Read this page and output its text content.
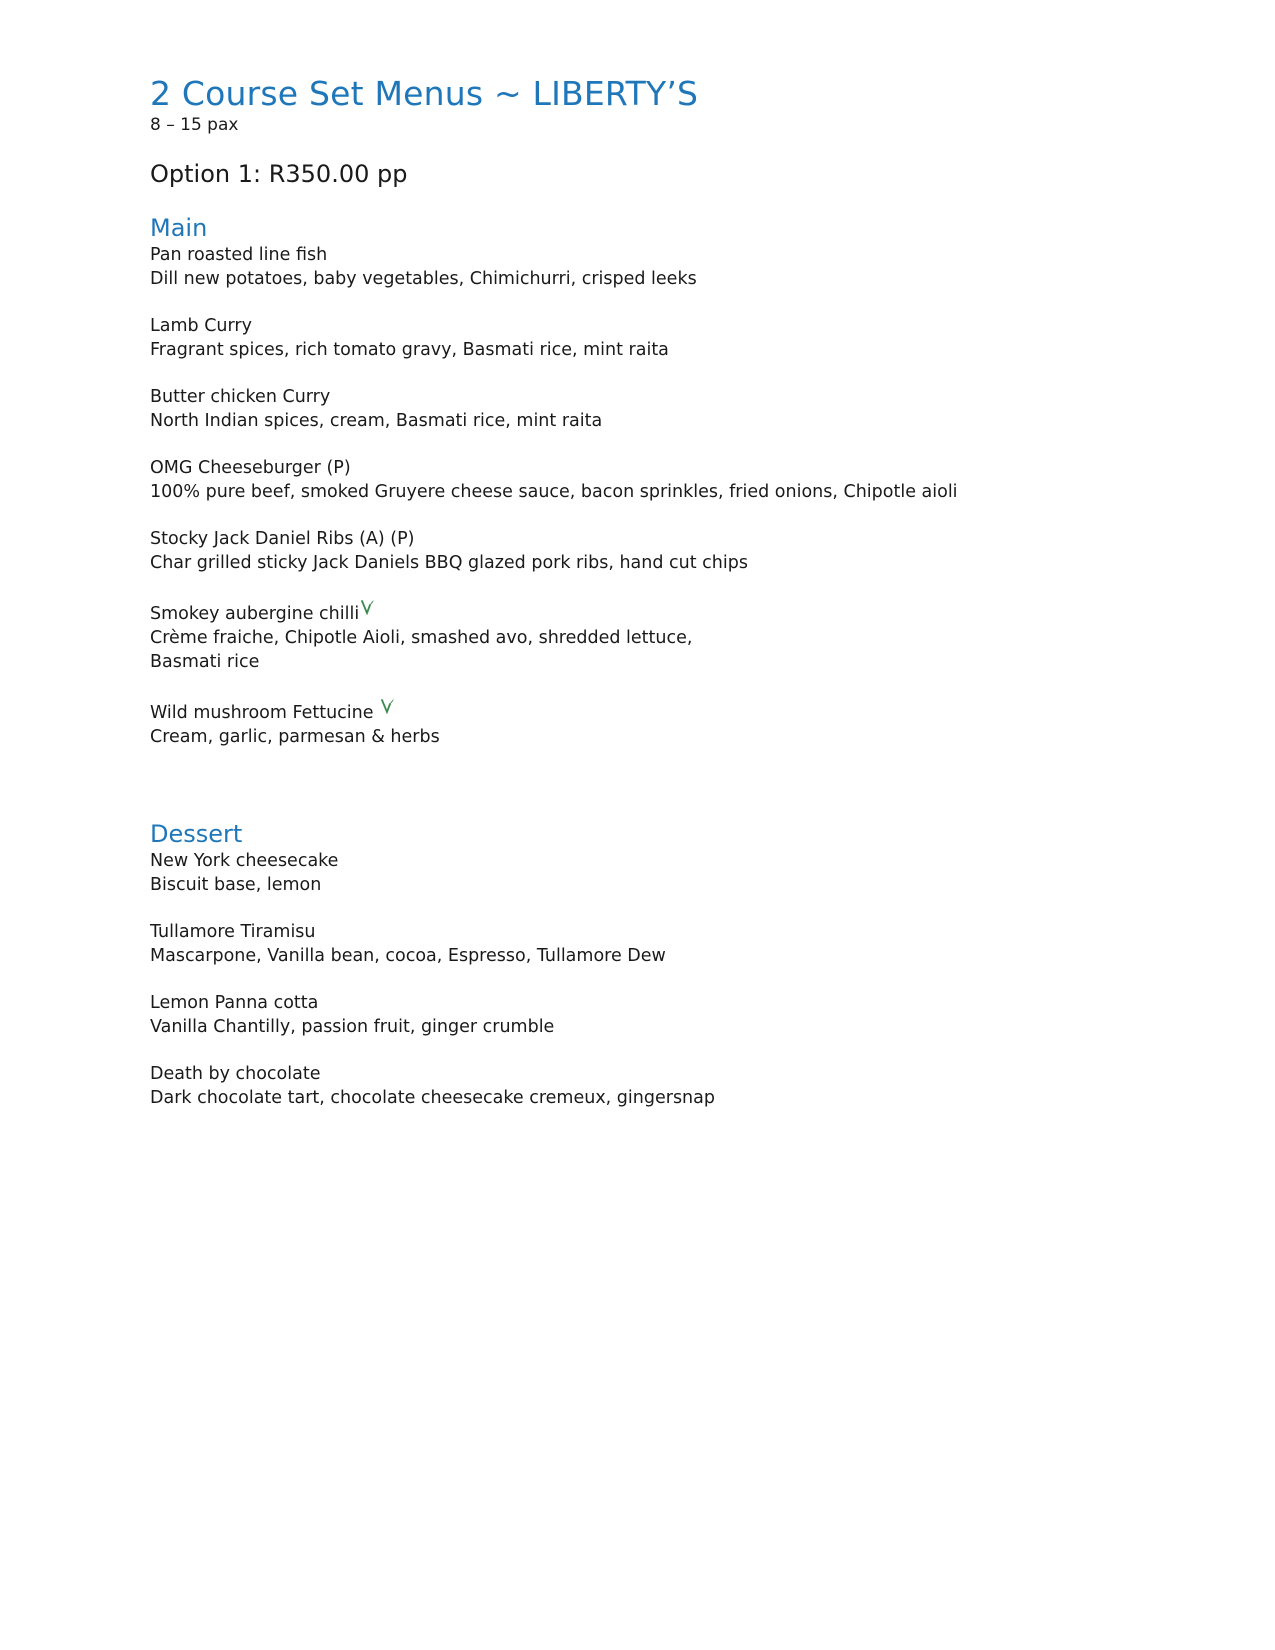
2 Course Set Menus ~ LIBERTY’S
8 – 15 pax
Option 1: R350.00 pp
Main
Pan roasted line fish
Dill new potatoes, baby vegetables, Chimichurri, crisped leeks
Lamb Curry
Fragrant spices, rich tomato gravy, Basmati rice, mint raita
Butter chicken Curry
North Indian spices, cream, Basmati rice, mint raita
OMG Cheeseburger (P)
100% pure beef, smoked Gruyere cheese sauce, bacon sprinkles, fried onions, Chipotle aioli
Stocky Jack Daniel Ribs (A) (P)
Char grilled sticky Jack Daniels BBQ glazed pork ribs, hand cut chips
Smokey aubergine chilli
Crème fraiche, Chipotle Aioli, smashed avo, shredded lettuce,
Basmati rice
Wild mushroom Fettucine
Cream, garlic, parmesan & herbs
Dessert
New York cheesecake
Biscuit base, lemon
Tullamore Tiramisu
Mascarpone, Vanilla bean, cocoa, Espresso, Tullamore Dew
Lemon Panna cotta
Vanilla Chantilly, passion fruit, ginger crumble
Death by chocolate
Dark chocolate tart, chocolate cheesecake cremeux, gingersnap
